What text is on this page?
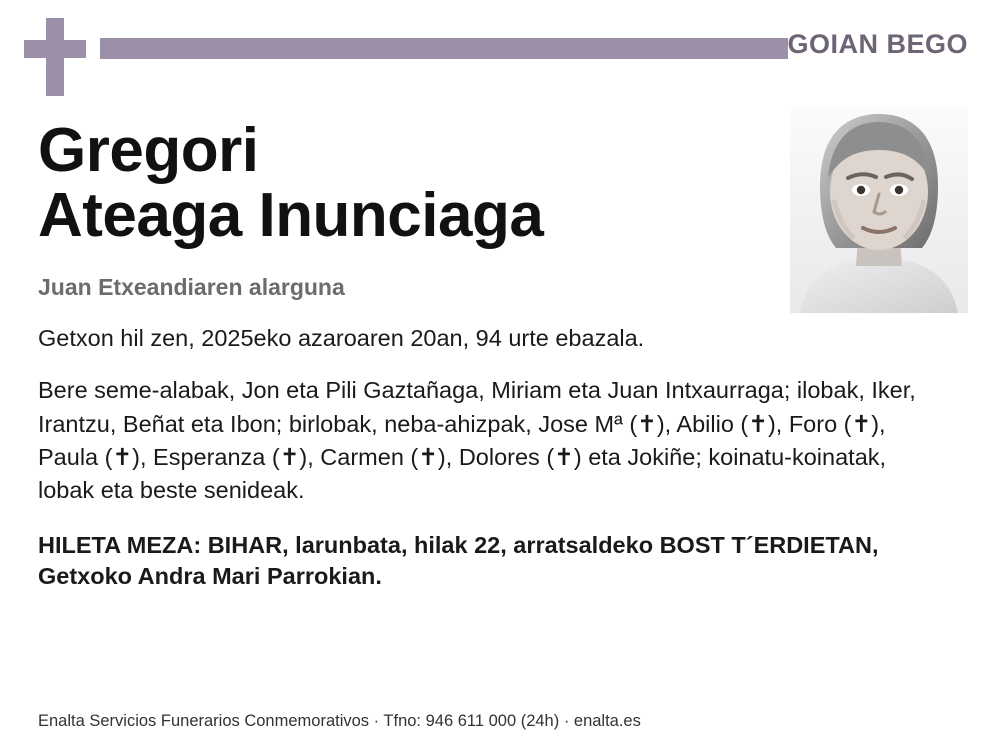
GOIAN BEGO
Gregori
Ateaga Inunciaga
Juan Etxeandiaren alarguna
Getxon hil zen, 2025eko azaroaren 20an, 94 urte ebazala.
Bere seme-alabak, Jon eta Pili Gaztañaga, Miriam eta Juan Intxaurraga; ilobak, Iker, Irantzu, Beñat eta Ibon; birlobak, neba-ahizpak, Jose Mª (✝), Abilio (✝), Foro (✝), Paula (✝), Esperanza (✝), Carmen (✝), Dolores (✝) eta Jokiñe; koinatu-koinatak, lobak eta beste senideak.
HILETA MEZA: BIHAR, larunbata, hilak 22, arratsaldeko BOST T´ERDIETAN, Getxoko Andra Mari Parrokian.
Enalta Servicios Funerarios Conmemorativos · Tfno: 946 611 000 (24h) · enalta.es
